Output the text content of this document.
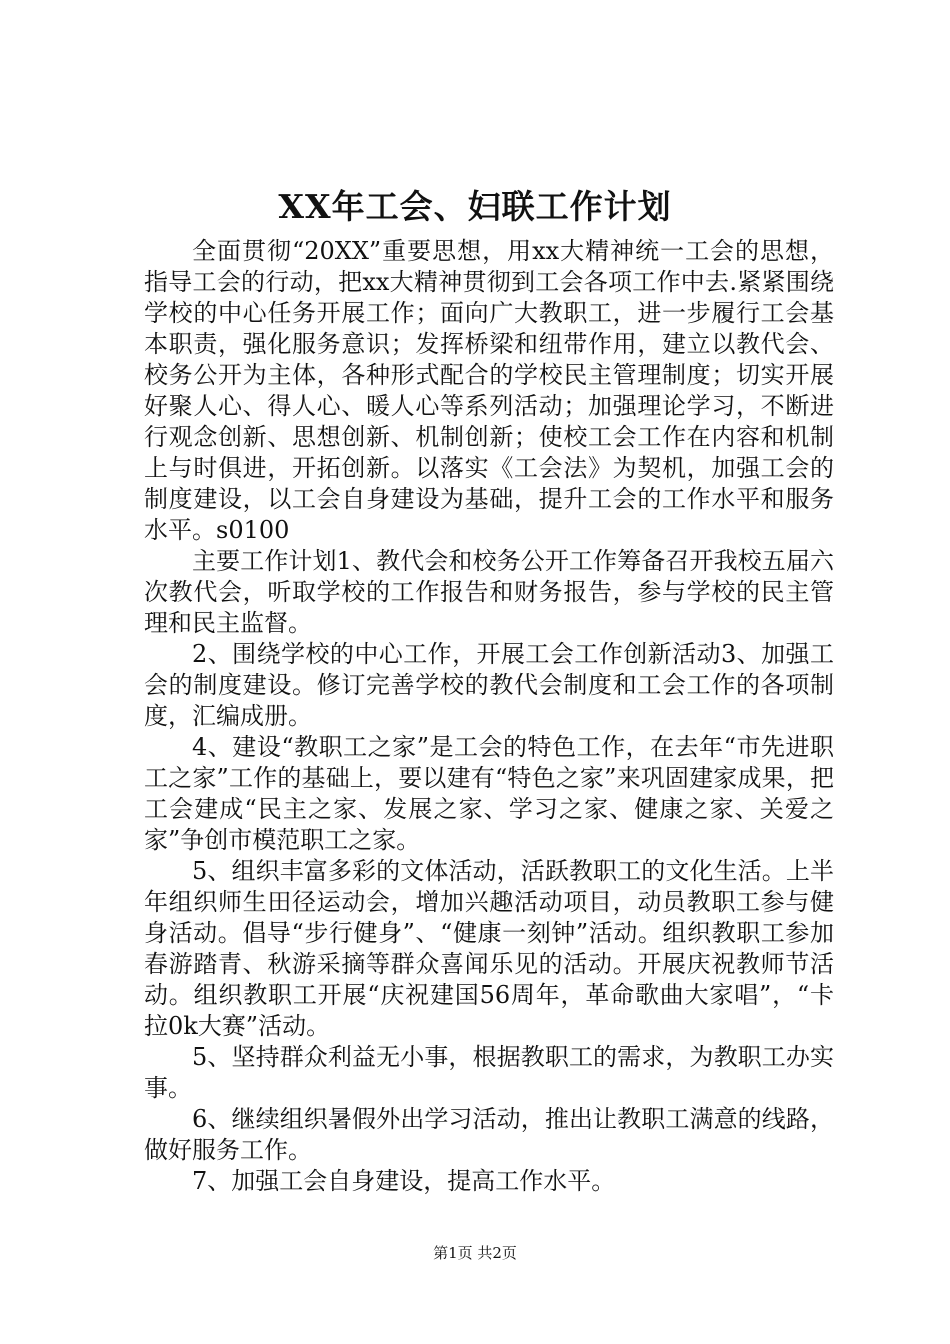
XX年工会、妇联工作计划

全面贯彻“20XX”重要思想，用xx大精神统一工会的思想，指导工会的行动，把xx大精神贯彻到工会各项工作中去.紧紧围绕学校的中心任务开展工作；面向广大教职工，进一步履行工会基本职责，强化服务意识；发挥桥梁和纽带作用，建立以教代会、校务公开为主体，各种形式配合的学校民主管理制度；切实开展好聚人心、得人心、暖人心等系列活动；加强理论学习，不断进行观念创新、思想创新、机制创新；使校工会工作在内容和机制上与时俱进，开拓创新。以落实《工会法》为契机，加强工会的制度建设，以工会自身建设为基础，提升工会的工作水平和服务水平。s0100

主要工作计划1、教代会和校务公开工作筹备召开我校五届六次教代会，听取学校的工作报告和财务报告，参与学校的民主管理和民主监督。

2、围绕学校的中心工作，开展工会工作创新活动3、加强工会的制度建设。修订完善学校的教代会制度和工会工作的各项制度，汇编成册。

4、建设“教职工之家”是工会的特色工作，在去年“市先进职工之家”工作的基础上，要以建有“特色之家”来巩固建家成果，把工会建成“民主之家、发展之家、学习之家、健康之家、关爱之家”争创市模范职工之家。

5、组织丰富多彩的文体活动，活跃教职工的文化生活。上半年组织师生田径运动会，增加兴趣活动项目，动员教职工参与健身活动。倡导“步行健身”、“健康一刻钟”活动。组织教职工参加春游踏青、秋游采摘等群众喜闻乐见的活动。开展庆祝教师节活动。组织教职工开展“庆祝建国56周年，革命歌曲大家唱”，“卡拉0k大赛”活动。

5、坚持群众利益无小事，根据教职工的需求，为教职工办实事。

6、继续组织暑假外出学习活动，推出让教职工满意的线路，做好服务工作。

7、加强工会自身建设，提高工作水平。

第1页 共2页
